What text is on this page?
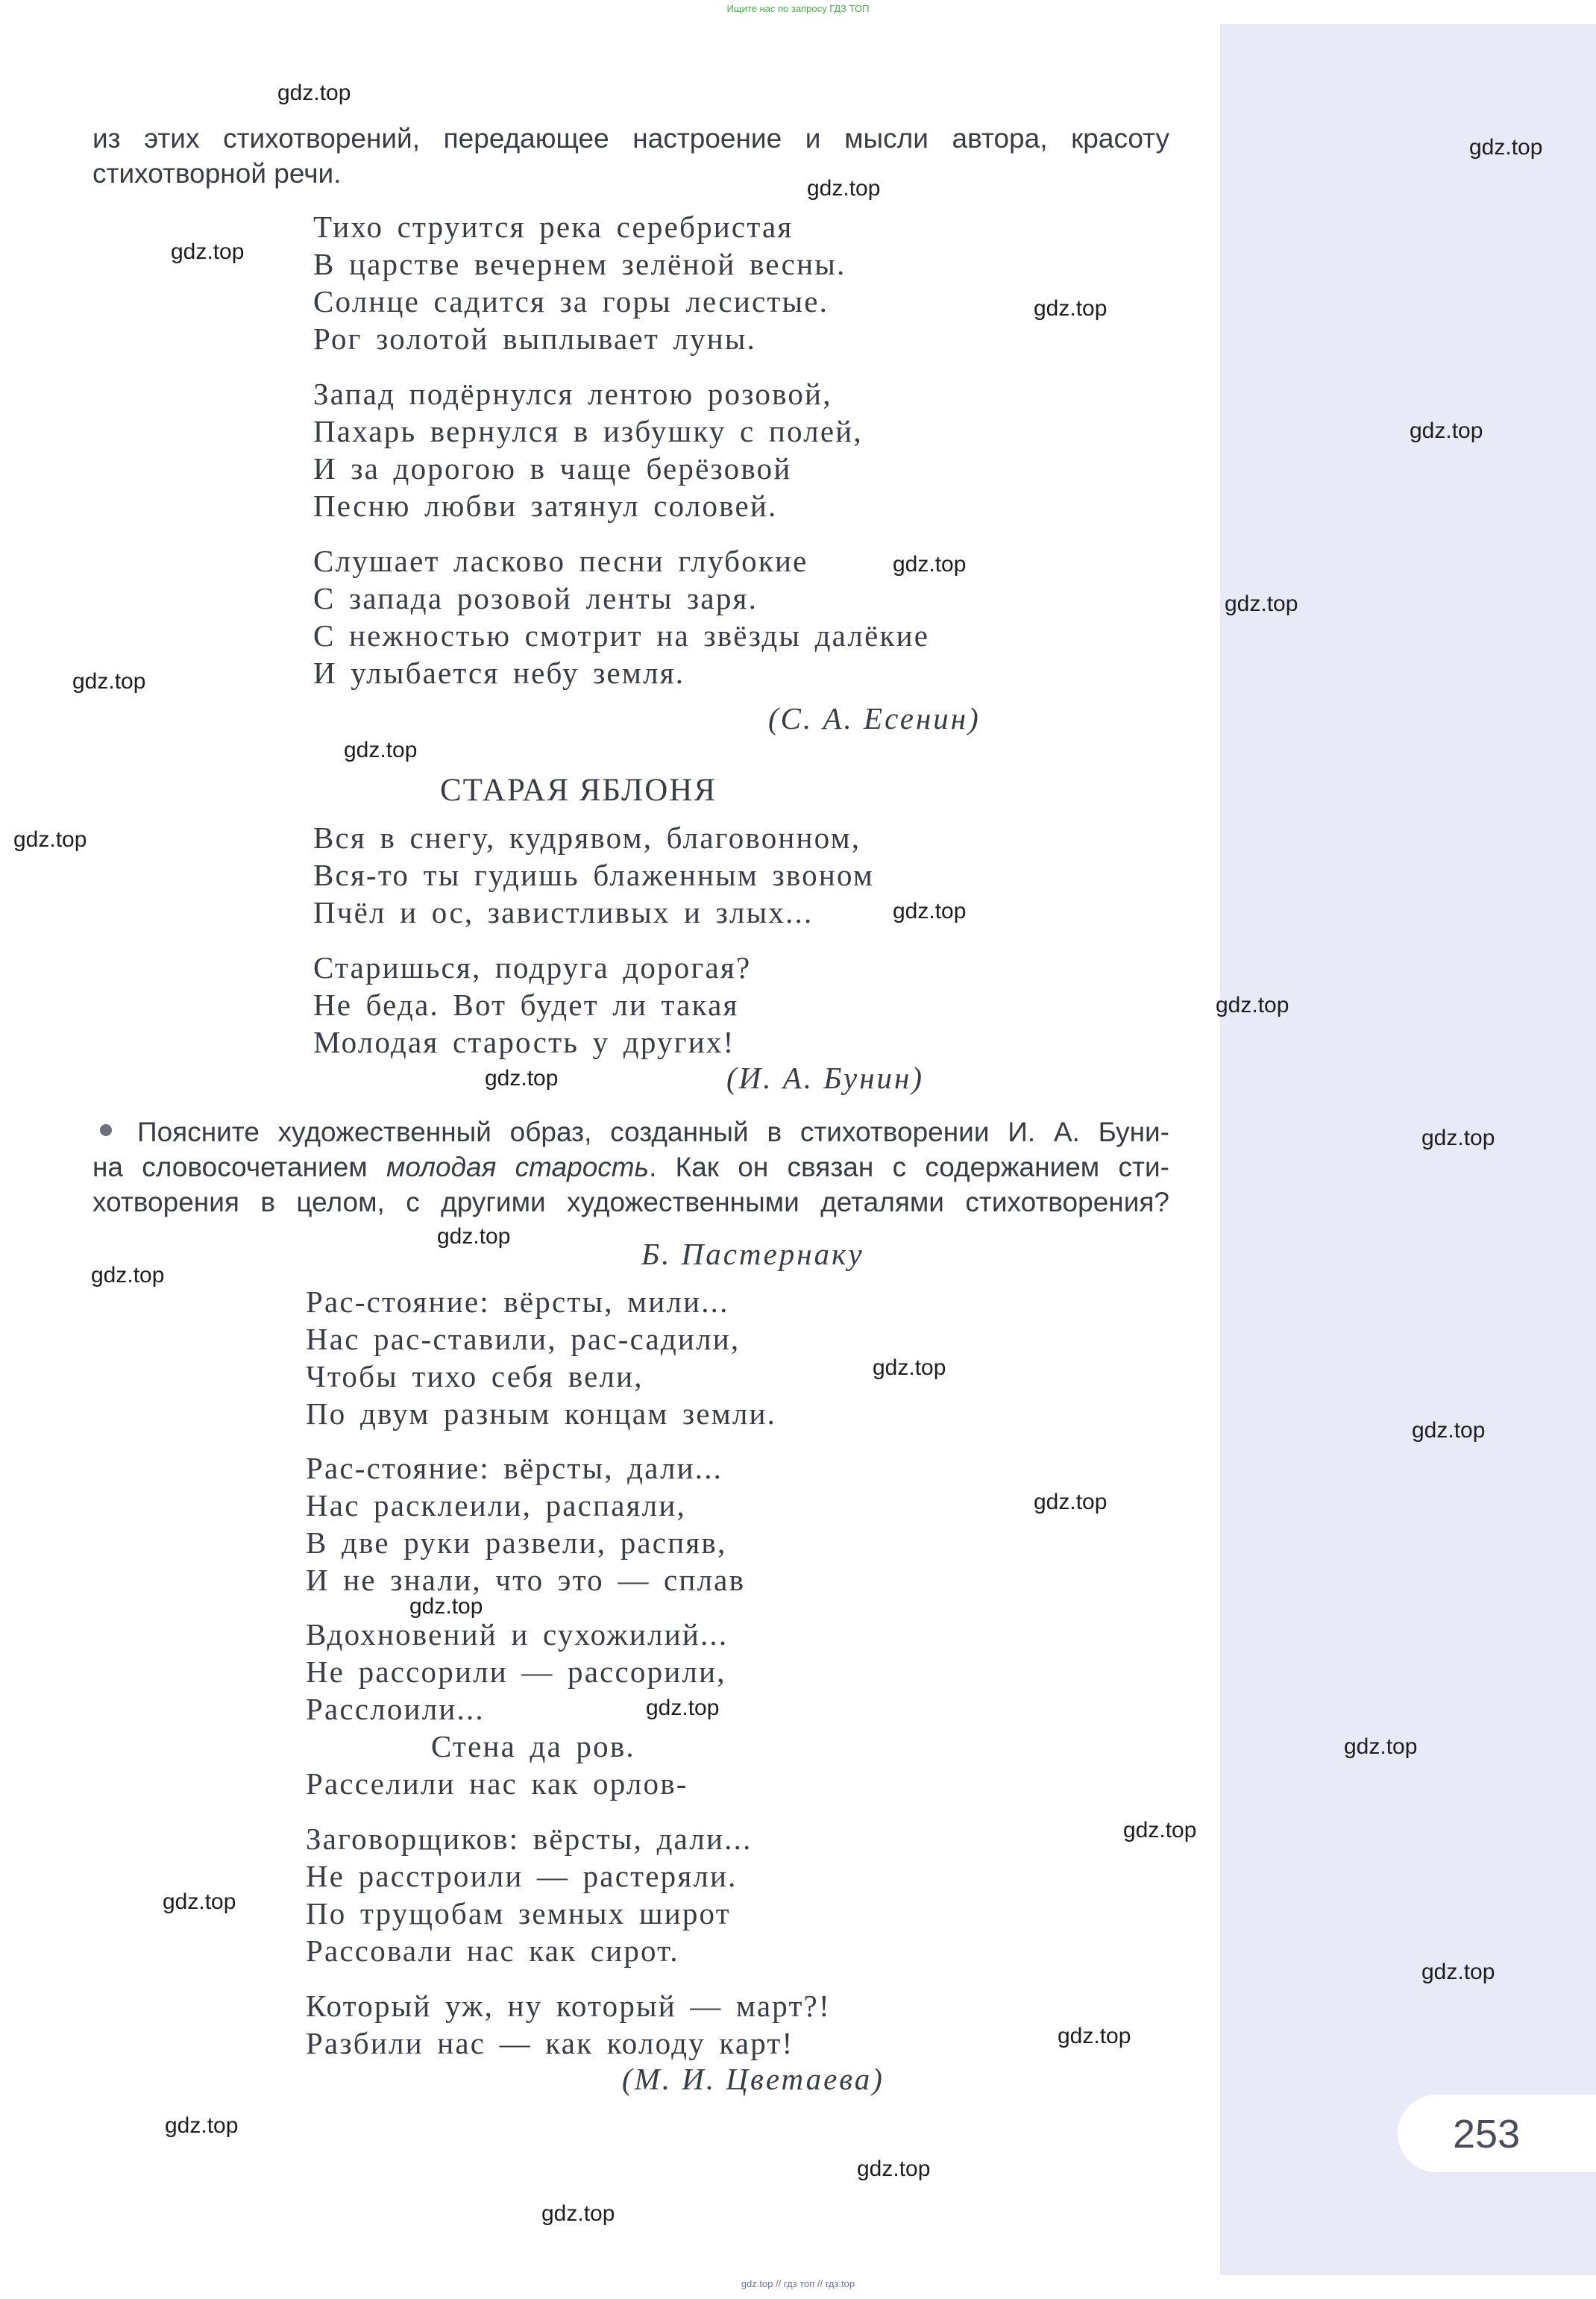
253
Ищите нас по запросу ГДЗ ТОП
gdz.top // гдз топ // гдз.top
из этих стихотворений, передающее настроение и мысли автора, красоту
стихотворной речи.
Тихо струится река серебристая
В царстве вечернем зелёной весны.
Солнце садится за горы лесистые.
Рог золотой выплывает луны.
Запад подёрнулся лентою розовой,
Пахарь вернулся в избушку с полей,
И за дорогою в чаще берёзовой
Песню любви затянул соловей.
Слушает ласково песни глубокие
С запада розовой ленты заря.
С нежностью смотрит на звёзды далёкие
И улыбается небу земля.
(С. А. Есенин)
СТАРАЯ ЯБЛОНЯ
Вся в снегу, кудрявом, благовонном,
Вся-то ты гудишь блаженным звоном
Пчёл и ос, завистливых и злых...
Старишься, подруга дорогая?
Не беда. Вот будет ли такая
Молодая старость у других!
(И. А. Бунин)
Поясните художественный образ, созданный в стихотворении И. А. Буни-
на словосочетанием молодая старость. Как он связан с содержанием сти-
хотворения в целом, с другими художественными деталями стихотворения?
Б. Пастернаку
Рас-стояние: вёрсты, мили...
Нас рас-ставили, рас-садили,
Чтобы тихо себя вели,
По двум разным концам земли.
Рас-стояние: вёрсты, дали...
Нас расклеили, распаяли,
В две руки развели, распяв,
И не знали, что это — сплав
Вдохновений и сухожилий...
Не рассорили — рассорили,
Расслоили...
Стена да ров.
Расселили нас как орлов-
Заговорщиков: вёрсты, дали...
Не расстроили — растеряли.
По трущобам земных широт
Рассовали нас как сирот.
Который уж, ну который — март?!
Разбили нас — как колоду карт!
(М. И. Цветаева)
gdz.top
gdz.top
gdz.top
gdz.top
gdz.top
gdz.top
gdz.top
gdz.top
gdz.top
gdz.top
gdz.top
gdz.top
gdz.top
gdz.top
gdz.top
gdz.top
gdz.top
gdz.top
gdz.top
gdz.top
gdz.top
gdz.top
gdz.top
gdz.top
gdz.top
gdz.top
gdz.top
gdz.top
gdz.top
gdz.top
